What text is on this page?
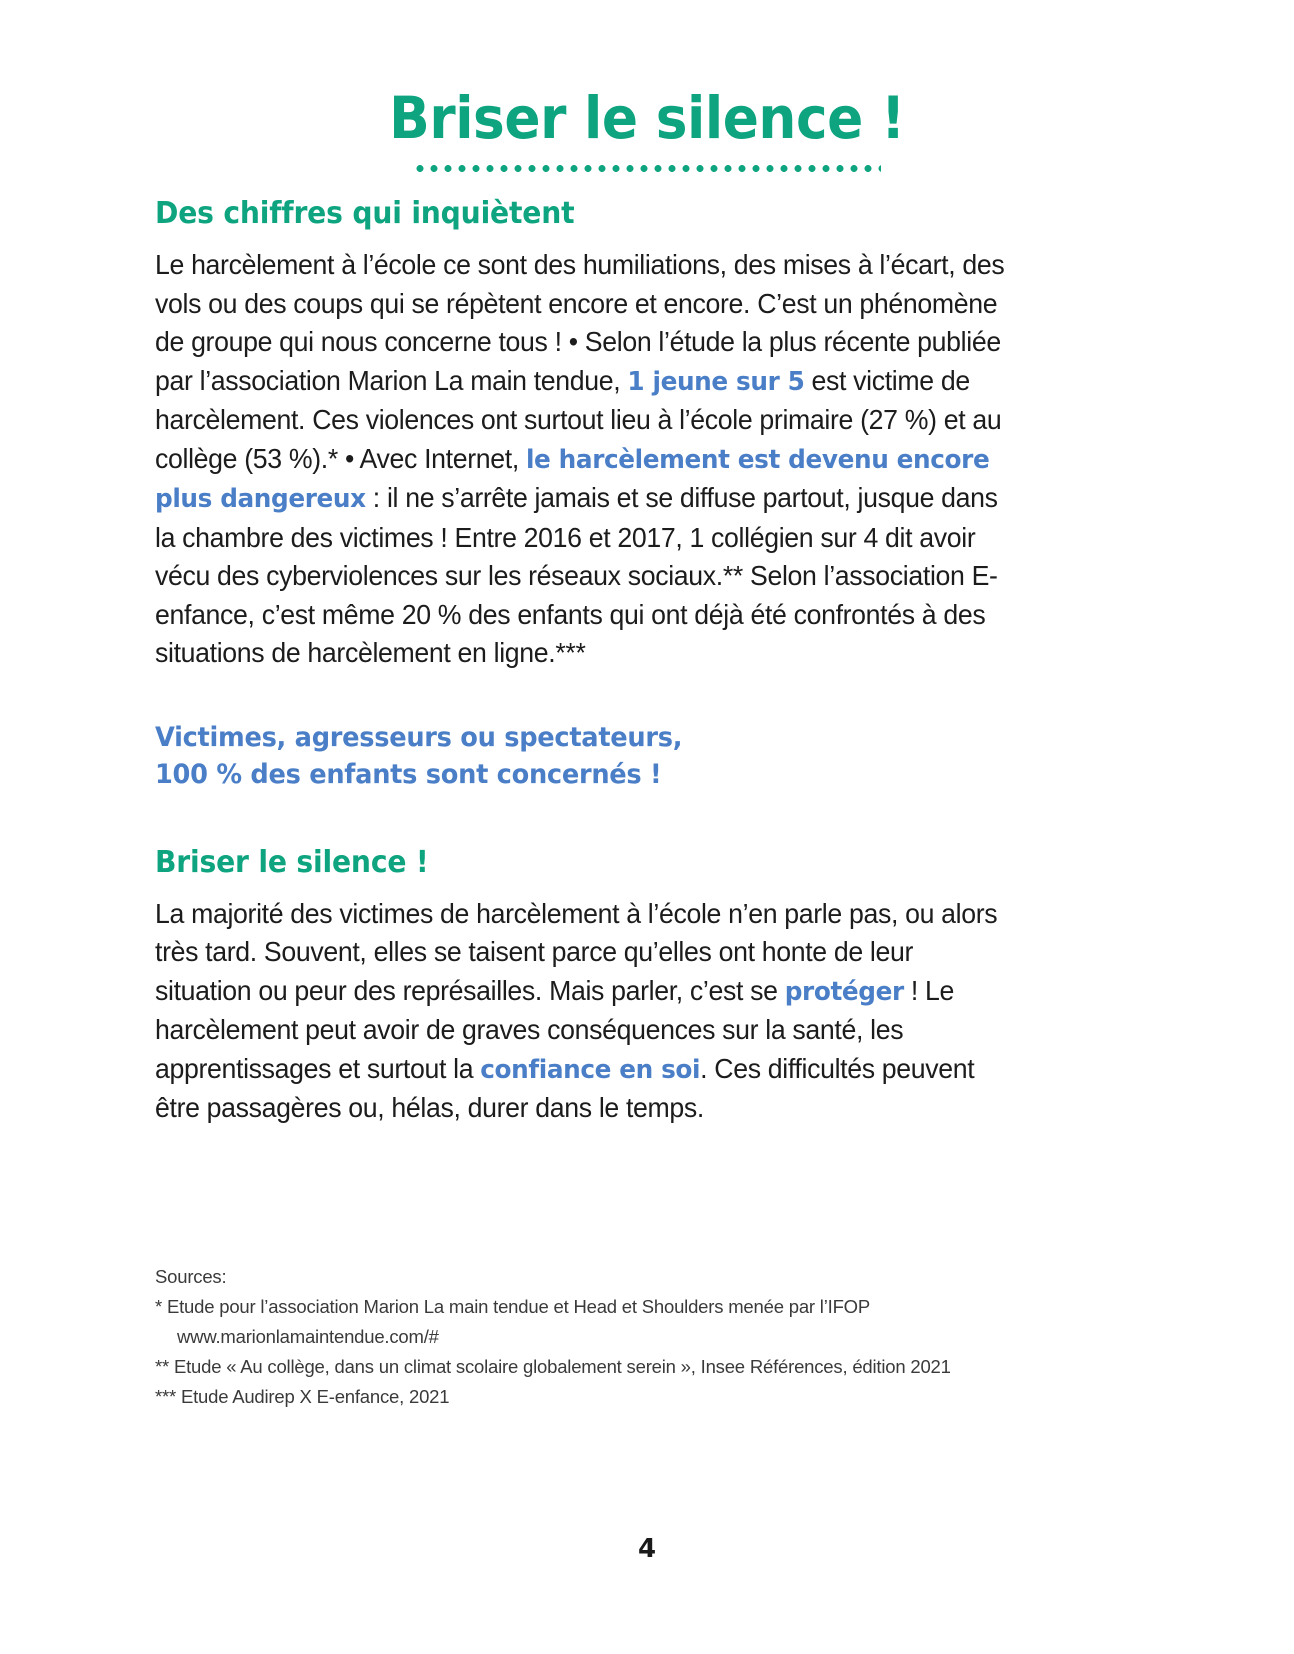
Briser le silence !
Des chiffres qui inquiètent

Le harcèlement à l’école ce sont des humiliations, des mises à l’écart, des vols ou des coups qui se répètent encore et encore. C’est un phénomène de groupe qui nous concerne tous ! • Selon l’étude la plus récente publiée par l’association Marion La main tendue, 1 jeune sur 5 est victime de harcèlement. Ces violences ont surtout lieu à l’école primaire (27 %) et au collège (53 %).* • Avec Internet, le harcèlement est devenu encore plus dangereux : il ne s’arrête jamais et se diffuse partout, jusque dans la chambre des victimes ! Entre 2016 et 2017, 1 collégien sur 4 dit avoir vécu des cyberviolences sur les réseaux sociaux.** Selon l’association E-enfance, c’est même 20 % des enfants qui ont déjà été confrontés à des situations de harcèlement en ligne.***

Victimes, agresseurs ou spectateurs,
100 % des enfants sont concernés !

Briser le silence !

La majorité des victimes de harcèlement à l’école n’en parle pas, ou alors très tard. Souvent, elles se taisent parce qu’elles ont honte de leur situation ou peur des représailles. Mais parler, c’est se protéger ! Le harcèlement peut avoir de graves conséquences sur la santé, les apprentissages et surtout la confiance en soi. Ces difficultés peuvent être passagères ou, hélas, durer dans le temps.

Sources:
* Etude pour l’association Marion La main tendue et Head et Shoulders menée par l’IFOP
www.marionlamaintendue.com/#
** Etude « Au collège, dans un climat scolaire globalement serein », Insee Références, édition 2021
*** Etude Audirep X E-enfance, 2021
4
